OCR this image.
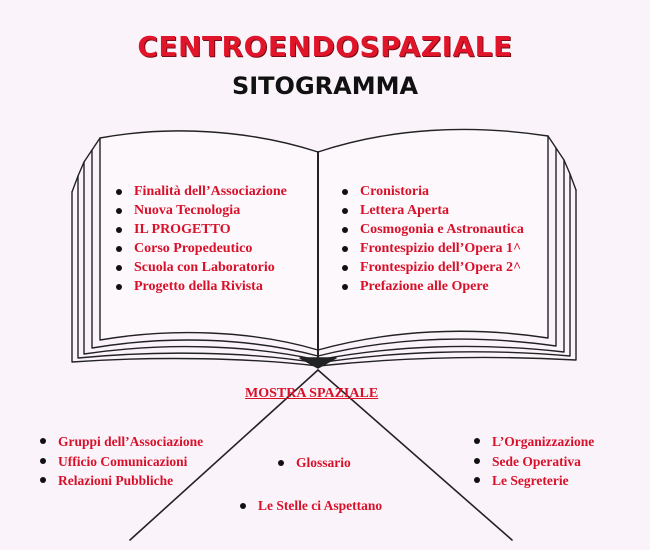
CENTROENDOSPAZIALE
SITOGRAMMA
Finalità dell’Associazione
Nuova Tecnologia
IL PROGETTO
Corso Propedeutico
Scuola con Laboratorio
Progetto della Rivista
Cronistoria
Lettera Aperta
Cosmogonia e Astronautica
Frontespizio dell’Opera 1^
Frontespizio dell’Opera 2^
Prefazione alle Opere
MOSTRA SPAZIALE
Gruppi dell’Associazione
Ufficio Comunicazioni
Relazioni Pubbliche
L’Organizzazione
Sede Operativa
Le Segreterie
Glossario
Le Stelle ci Aspettano
